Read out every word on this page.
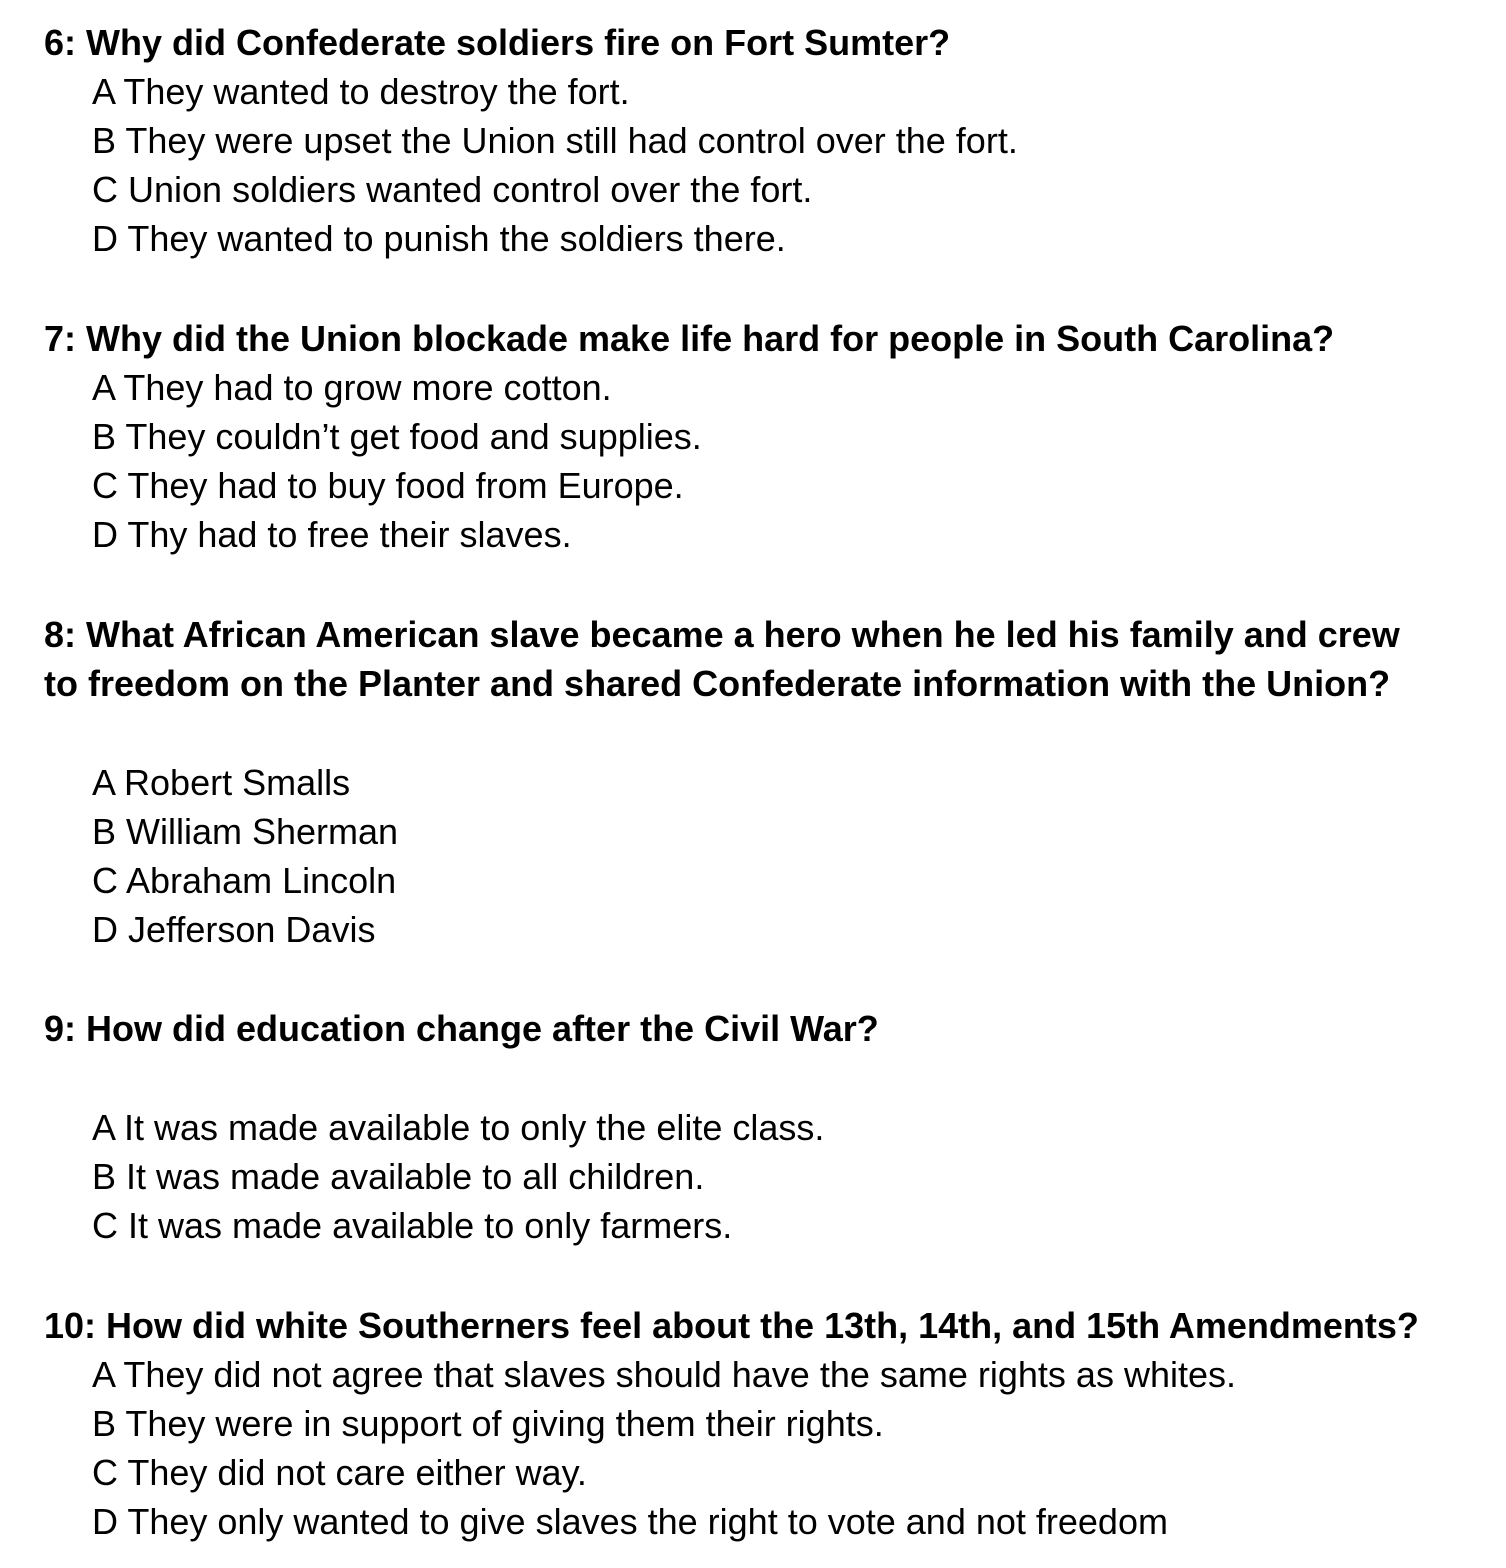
6: Why did Confederate soldiers fire on Fort Sumter?
A They wanted to destroy the fort.
B They were upset the Union still had control over the fort.
C Union soldiers wanted control over the fort.
D They wanted to punish the soldiers there.
7: Why did the Union blockade make life hard for people in South Carolina?
A They had to grow more cotton.
B They couldn’t get food and supplies.
C They had to buy food from Europe.
D Thy had to free their slaves.
8: What African American slave became a hero when he led his family and crew
to freedom on the Planter and shared Confederate information with the Union?
A Robert Smalls
B William Sherman
C Abraham Lincoln
D Jefferson Davis
9: How did education change after the Civil War?
A It was made available to only the elite class.
B It was made available to all children.
C It was made available to only farmers.
10: How did white Southerners feel about the 13th, 14th, and 15th Amendments?
A They did not agree that slaves should have the same rights as whites.
B They were in support of giving them their rights.
C They did not care either way.
D They only wanted to give slaves the right to vote and not freedom
